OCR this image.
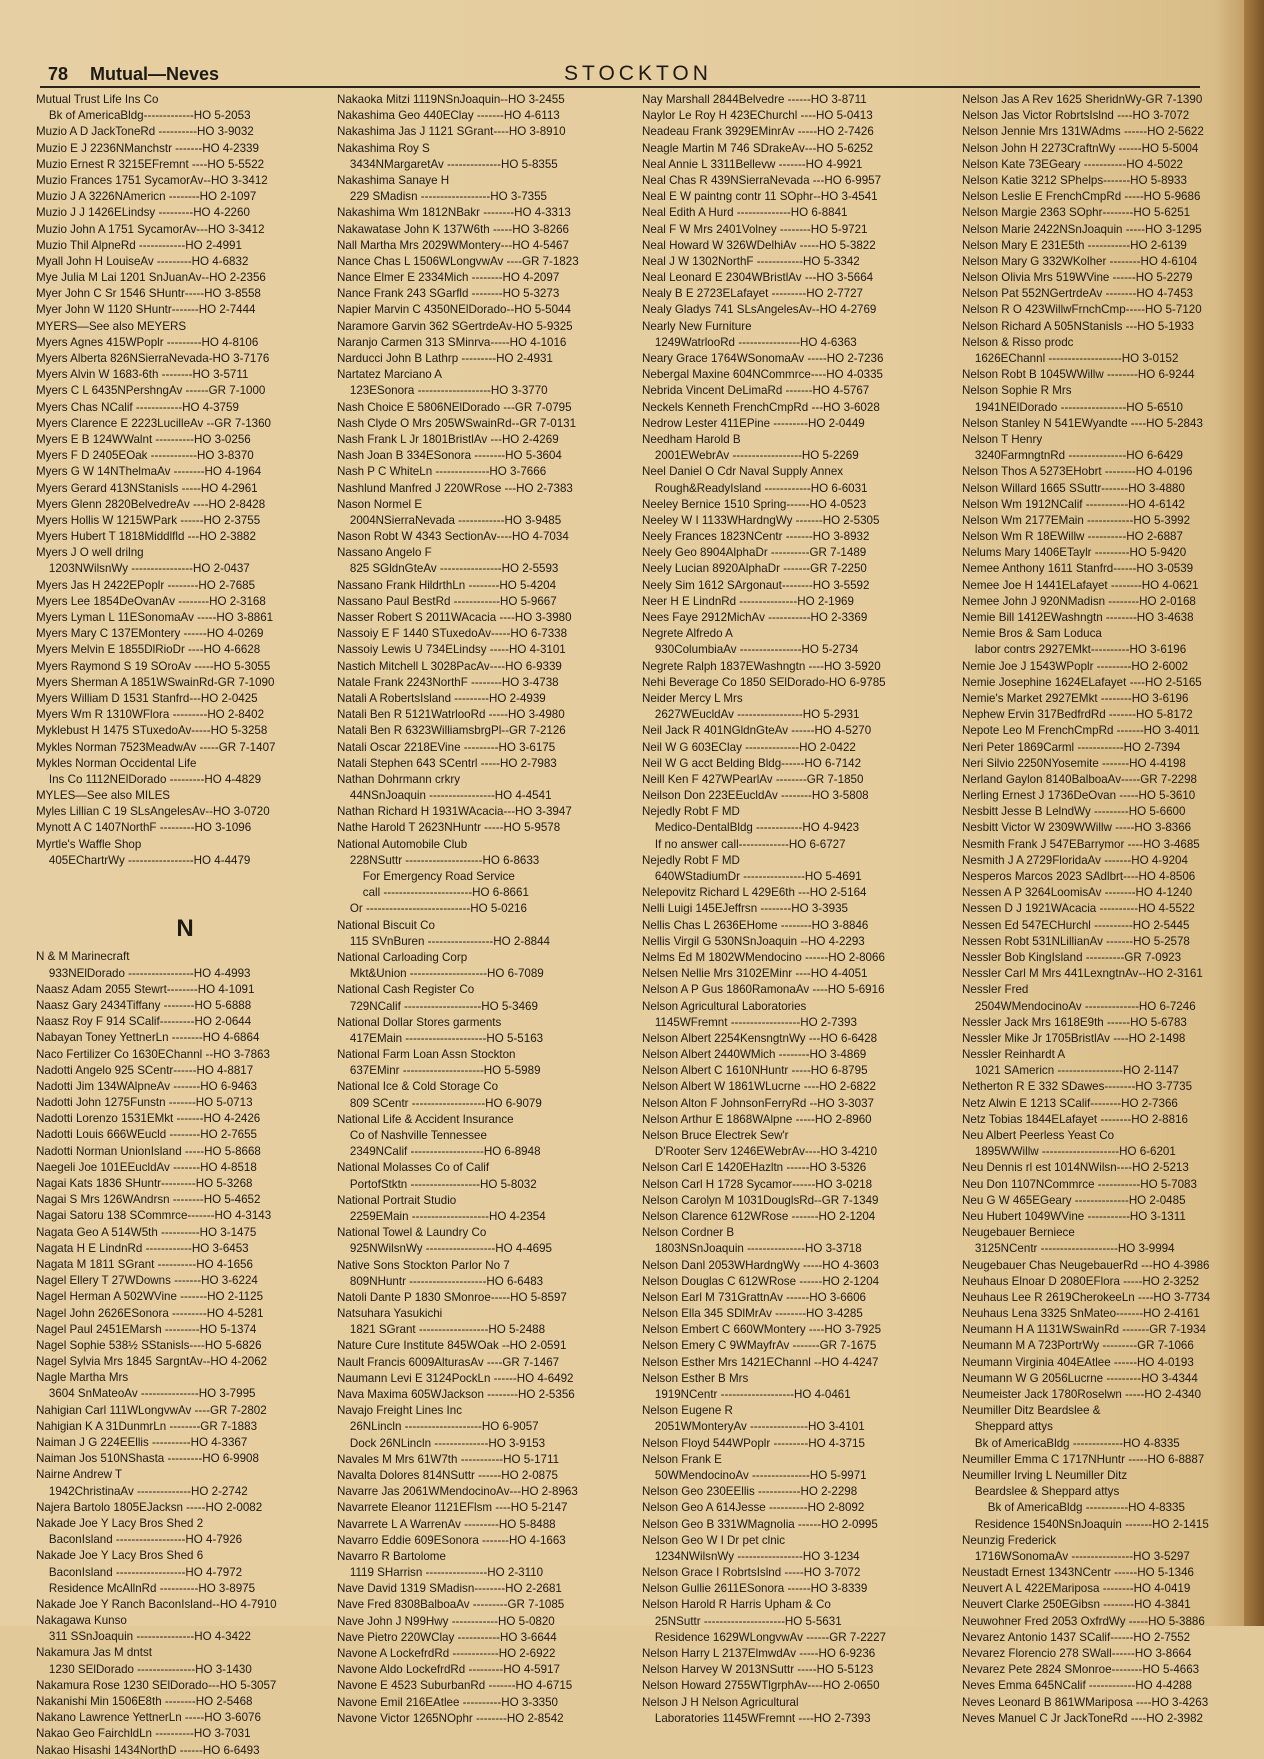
78 Mutual—Neves	STOCKTON
Mutual Trust Life Ins Co
Bk of AmericaBldg-------------HO 5-2053
Muzio A D JackToneRd ----------HO 3-9032
Muzio E J 2236NManchstr -------HO 4-2339
Muzio Ernest R 3215EFremnt ----HO 5-5522
Muzio Frances 1751 SycamorAv--HO 3-3412
Muzio J A 3226NAmericn --------HO 2-1097
Muzio J J 1426ELindsy ---------HO 4-2260
Muzio John A 1751 SycamorAv---HO 3-3412
Muzio Thil AlpneRd ------------HO 2-4991
Myall John H LouiseAv ---------HO 4-6832
Mye Julia M Lai 1201 SnJuanAv--HO 2-2356
Myer John C Sr 1546 SHuntr-----HO 3-8558
Myer John W 1120 SHuntr-------HO 2-7444
MYERS—See also MEYERS
Myers Agnes 415WPoplr ---------HO 4-8106
Myers Alberta 826NSierraNevada-HO 3-7176
Myers Alvin W 1683-6th --------HO 3-5711
Myers C L 6435NPershngAv ------GR 7-1000
Myers Chas NCalif ------------HO 4-3759
Myers Clarence E 2223LucilleAv --GR 7-1360
Myers E B 124WWalnt ----------HO 3-0256
Myers F D 2405EOak ------------HO 3-8370
Myers G W 14NThelmaAv --------HO 4-1964
Myers Gerard 413NStanisls -----HO 4-2961
Myers Glenn 2820BelvedreAv ----HO 2-8428
Myers Hollis W 1215WPark ------HO 2-3755
Myers Hubert T 1818Middlfld ---HO 2-3882
Myers J O well drilng
1203NWilsnWy ----------------HO 2-0437
Myers Jas H 2422EPoplr --------HO 2-7685
Myers Lee 1854DeOvanAv --------HO 2-3168
Myers Lyman L 11ESonomaAv -----HO 3-8861
Myers Mary C 137EMontery ------HO 4-0269
Myers Melvin E 1855DlRioDr ----HO 4-6628
Myers Raymond S 19 SOroAv -----HO 5-3055
Myers Sherman A 1851WSwainRd-GR 7-1090
Myers William D 1531 Stanfrd---HO 2-0425
Myers Wm R 1310WFlora ---------HO 2-8402
Myklebust H 1475 STuxedoAv-----HO 5-3258
Mykles Norman 7523MeadwAv -----GR 7-1407
Mykles Norman Occidental Life
Ins Co 1112NElDorado ---------HO 4-4829
MYLES—See also MILES
Myles Lillian C 19 SLsAngelesAv--HO 3-0720
Mynott A C 1407NorthF ---------HO 3-1096
Myrtle's Waffle Shop
405EChartrWy -----------------HO 4-4479
N
N & M Marinecraft
933NElDorado -----------------HO 4-4993
Naasz Adam 2055 Stewrt--------HO 4-1091
Naasz Gary 2434Tiffany --------HO 5-6888
Naasz Roy F 914 SCalif---------HO 2-0644
Nabayan Toney YettnerLn --------HO 4-6864
Naco Fertilizer Co 1630EChannl --HO 3-7863
Nadotti Angelo 925 SCentr------HO 4-8817
Nadotti Jim 134WAlpneAv -------HO 6-9463
Nadotti John 1275Funstn -------HO 5-0713
Nadotti Lorenzo 1531EMkt -------HO 4-2426
Nadotti Louis 666WEucld --------HO 2-7655
Nadotti Norman UnionIsland -----HO 5-8668
Naegeli Joe 101EEucldAv -------HO 4-8518
Nagai Kats 1836 SHuntr---------HO 5-3268
Nagai S Mrs 126WAndrsn --------HO 5-4652
Nagai Satoru 138 SCommrce-------HO 4-3143
Nagata Geo A 514W5th ----------HO 3-1475
Nagata H E LindnRd ------------HO 3-6453
Nagata M 1811 SGrant ----------HO 4-1656
Nagel Ellery T 27WDowns -------HO 3-6224
Nagel Herman A 502WVine -------HO 2-1125
Nagel John 2626ESonora ---------HO 4-5281
Nagel Paul 2451EMarsh ---------HO 5-1374
Nagel Sophie 538½ SStanisls----HO 5-6826
Nagel Sylvia Mrs 1845 SargntAv--HO 4-2062
Nagle Martha Mrs
3604 SnMateoAv ---------------HO 3-7995
Nahigian Carl 111WLongvwAv ----GR 7-2802
Nahigian K A 31DunmrLn --------GR 7-1883
Naiman J G 224EEllis ----------HO 4-3367
Naiman Jos 510NShasta ---------HO 6-9908
Nairne Andrew T
1942ChristinaAv --------------HO 2-2742
Najera Bartolo 1805EJacksn -----HO 2-0082
Nakade Joe Y Lacy Bros Shed 2
BaconIsland ------------------HO 4-7926
Nakade Joe Y Lacy Bros Shed 6
BaconIsland ------------------HO 4-7972
Residence McAllnRd ----------HO 3-8975
Nakade Joe Y Ranch BaconIsland--HO 4-7910
Nakagawa Kunso
311 SSnJoaquin ---------------HO 4-3422
Nakamura Jas M dntst
1230 SElDorado ---------------HO 3-1430
Nakamura Rose 1230 SElDorado---HO 5-3057
Nakanishi Min 1506E8th --------HO 2-5468
Nakano Lawrence YettnerLn -----HO 3-6076
Nakao Geo FairchldLn ----------HO 3-7031
Nakao Hisashi 1434NorthD ------HO 6-6493
Nakaoka Mitzi 1119NSnJoaquin--HO 3-2455
Nakashima Geo 440EClay -------HO 4-6113
Nakashima Jas J 1121 SGrant----HO 3-8910
Nakashima Roy S
3434NMargaretAv --------------HO 5-8355
Nakashima Sanaye H
229 SMadisn ------------------HO 3-7355
Nakashima Wm 1812NBakr --------HO 4-3313
Nakawatase John K 137W6th -----HO 3-8266
Nall Martha Mrs 2029WMontery---HO 4-5467
Nance Chas L 1506WLongvwAv ----GR 7-1823
Nance Elmer E 2334Mich --------HO 4-2097
Nance Frank 243 SGarfld --------HO 5-3273
Napier Marvin C 4350NElDorado--HO 5-5044
Naramore Garvin 362 SGertrdeAv-HO 5-9325
Naranjo Carmen 313 SMinrva-----HO 4-1016
Narducci John B Lathrp ---------HO 2-4931
Nartatez Marciano A
123ESonora -------------------HO 3-3770
Nash Choice E 5806NElDorado ---GR 7-0795
Nash Clyde O Mrs 205WSwainRd--GR 7-0131
Nash Frank L Jr 1801BristlAv ---HO 2-4269
Nash Joan B 334ESonora --------HO 5-3604
Nash P C WhiteLn --------------HO 3-7666
Nashlund Manfred J 220WRose ---HO 2-7383
Nason Normel E
2004NSierraNevada ------------HO 3-9485
Nason Robt W 4343 SectionAv----HO 4-7034
Nassano Angelo F
825 SGldnGteAv ----------------HO 2-5593
Nassano Frank HildrthLn --------HO 5-4204
Nassano Paul BestRd ------------HO 5-9667
Nasser Robert S 2011WAcacia ----HO 3-3980
Nassoiy E F 1440 STuxedoAv-----HO 6-7338
Nassoiy Lewis U 734ELindsy -----HO 4-3101
Nastich Mitchell L 3028PacAv----HO 6-9339
Natale Frank 2243NorthF --------HO 3-4738
Natali A RobertsIsland ---------HO 2-4939
Natali Ben R 5121WatrlooRd -----HO 3-4980
Natali Ben R 6323WilliamsbrgPl--GR 7-2126
Natali Oscar 2218EVine ---------HO 3-6175
Natali Stephen 643 SCentrl -----HO 2-7983
Nathan Dohrmann crkry
44NSnJoaquin -----------------HO 4-4541
Nathan Richard H 1931WAcacia---HO 3-3947
Nathe Harold T 2623NHuntr -----HO 5-9578
National Automobile Club
228NSuttr --------------------HO 6-8633
For Emergency Road Service
call -----------------------HO 6-8661
Or ---------------------------HO 5-0216
National Biscuit Co
115 SVnBuren -----------------HO 2-8844
National Carloading Corp
Mkt&Union --------------------HO 6-7089
National Cash Register Co
729NCalif --------------------HO 5-3469
National Dollar Stores garments
417EMain ---------------------HO 5-5163
National Farm Loan Assn Stockton
637EMinr ---------------------HO 5-5989
National Ice & Cold Storage Co
809 SCentr -------------------HO 6-9079
National Life & Accident Insurance
Co of Nashville Tennessee
2349NCalif -------------------HO 6-8948
National Molasses Co of Calif
PortofStktn ------------------HO 5-8032
National Portrait Studio
2259EMain --------------------HO 4-2354
National Towel & Laundry Co
925NWilsnWy ------------------HO 4-4695
Native Sons Stockton Parlor No 7
809NHuntr --------------------HO 6-6483
Natoli Dante P 1830 SMonroe-----HO 5-8597
Natsuhara Yasukichi
1821 SGrant ------------------HO 5-2488
Nature Cure Institute 845WOak --HO 2-0591
Nault Francis 6009AlturasAv ----GR 7-1467
Naumann Levi E 3124PockLn ------HO 4-6492
Nava Maxima 605WJackson --------HO 2-5356
Navajo Freight Lines Inc
26NLincln --------------------HO 6-9057
Dock 26NLincln --------------HO 3-9153
Navales M Mrs 61W7th -----------HO 5-1711
Navalta Dolores 814NSuttr ------HO 2-0875
Navarre Jas 2061WMendocinoAv---HO 2-8963
Navarrete Eleanor 1121EFlsm ----HO 5-2147
Navarrete L A WarrenAv ---------HO 5-8488
Navarro Eddie 609ESonora -------HO 4-1663
Navarro R Bartolome
1119 SHarrisn ----------------HO 2-3110
Nave David 1319 SMadisn--------HO 2-2681
Nave Fred 8308BalboaAv ---------GR 7-1085
Nave John J N99Hwy ------------HO 5-0820
Nave Pietro 220WClay -----------HO 3-6644
Navone A LockefrdRd ------------HO 2-6922
Navone Aldo LockefrdRd ---------HO 4-5917
Navone E 4523 SuburbanRd -------HO 4-6715
Navone Emil 216EAtlee ----------HO 3-3350
Navone Victor 1265NOphr --------HO 2-8542
Nay Marshall 2844Belvedre ------HO 3-8711
Naylor Le Roy H 423EChurchl ----HO 5-0413
Neadeau Frank 3929EMinrAv -----HO 2-7426
Neagle Martin M 746 SDrakeAv---HO 5-6252
Neal Annie L 3311Bellevw -------HO 4-9921
Neal Chas R 439NSierraNevada ---HO 6-9957
Neal E W paintng contr 11 SOphr--HO 3-4541
Neal Edith A Hurd --------------HO 6-8841
Neal F W Mrs 2401Volney --------HO 5-9721
Neal Howard W 326WDelhiAv -----HO 5-3822
Neal J W 1302NorthF ------------HO 5-3342
Neal Leonard E 2304WBristlAv ---HO 3-5664
Nealy B E 2723ELafayet ---------HO 2-7727
Nealy Gladys 741 SLsAngelesAv--HO 4-2769
Nearly New Furniture
1249WatrlooRd ----------------HO 4-6363
Neary Grace 1764WSonomaAv -----HO 2-7236
Nebergal Maxine 604NCommrce----HO 4-0335
Nebrida Vincent DeLimaRd -------HO 4-5767
Neckels Kenneth FrenchCmpRd ---HO 3-6028
Nedrow Lester 411EPine ---------HO 2-0449
Needham Harold B
2001EWebrAv ------------------HO 5-2269
Neel Daniel O Cdr Naval Supply Annex
Rough&ReadyIsland ------------HO 6-6031
Neeley Bernice 1510 Spring------HO 4-0523
Neeley W I 1133WHardngWy -------HO 2-5305
Neely Frances 1823NCentr -------HO 3-8932
Neely Geo 8904AlphaDr ----------GR 7-1489
Neely Lucian 8920AlphaDr -------GR 7-2250
Neely Sim 1612 SArgonaut--------HO 3-5592
Neer H E LindnRd ---------------HO 2-1969
Nees Faye 2912MichAv -----------HO 2-3369
Negrete Alfredo A
930ColumbiaAv ----------------HO 5-2734
Negrete Ralph 1837EWashngtn ----HO 3-5920
Nehi Beverage Co 1850 SElDorado-HO 6-9785
Neider Mercy L Mrs
2627WEucldAv -----------------HO 5-2931
Neil Jack R 401NGldnGteAv ------HO 4-5270
Neil W G 603EClay --------------HO 2-0422
Neil W G acct Belding Bldg------HO 6-7142
Neill Ken F 427WPearlAv --------GR 7-1850
Neilson Don 223EEucldAv --------HO 3-5808
Nejedly Robt F MD
Medico-DentalBldg ------------HO 4-9423
If no answer call-------------HO 6-6727
Nejedly Robt F MD
640WStadiumDr ----------------HO 5-4691
Nelepovitz Richard L 429E6th ---HO 2-5164
Nelli Luigi 145EJeffrsn --------HO 3-3935
Nellis Chas L 2636EHome --------HO 3-8846
Nellis Virgil G 530NSnJoaquin --HO 4-2293
Nelms Ed M 1802WMendocino ------HO 2-8066
Nelsen Nellie Mrs 3102EMinr ----HO 4-4051
Nelson A P Gus 1860RamonaAv ----HO 5-6916
Nelson Agricultural Laboratories
1145WFremnt ------------------HO 2-7393
Nelson Albert 2254KensngtnWy ---HO 6-6428
Nelson Albert 2440WMich --------HO 3-4869
Nelson Albert C 1610NHuntr -----HO 6-8795
Nelson Albert W 1861WLucrne ----HO 2-6822
Nelson Alton F JohnsonFerryRd --HO 3-3037
Nelson Arthur E 1868WAlpne -----HO 2-8960
Nelson Bruce Electrek Sew'r
D'Rooter Serv 1246EWebrAv----HO 3-4210
Nelson Carl E 1420EHazltn ------HO 3-5326
Nelson Carl H 1728 Sycamor------HO 3-0218
Nelson Carolyn M 1031DouglsRd--GR 7-1349
Nelson Clarence 612WRose -------HO 2-1204
Nelson Cordner B
1803NSnJoaquin ---------------HO 3-3718
Nelson Danl 2053WHardngWy -----HO 4-3603
Nelson Douglas C 612WRose ------HO 2-1204
Nelson Earl M 731GrattnAv ------HO 3-6606
Nelson Ella 345 SDlMrAv --------HO 3-4285
Nelson Embert C 660WMontery ----HO 3-7925
Nelson Emery C 9WMayfrAv -------GR 7-1675
Nelson Esther Mrs 1421EChannl --HO 4-4247
Nelson Esther B Mrs
1919NCentr -------------------HO 4-0461
Nelson Eugene R
2051WMonteryAv ---------------HO 3-4101
Nelson Floyd 544WPoplr ---------HO 4-3715
Nelson Frank E
50WMendocinoAv ---------------HO 5-9971
Nelson Geo 230EEllis -----------HO 2-2298
Nelson Geo A 614Jesse ----------HO 2-8092
Nelson Geo B 331WMagnolia ------HO 2-0995
Nelson Geo W I Dr pet clnic
1234NWilsnWy -----------------HO 3-1234
Nelson Grace I RobrtsIslnd -----HO 3-7072
Nelson Gullie 2611ESonora ------HO 3-8339
Nelson Harold R Harris Upham & Co
25NSuttr ---------------------HO 5-5631
Residence 1629WLongvwAv ------GR 7-2227
Nelson Harry L 2137ElmwdAv -----HO 6-9236
Nelson Harvey W 2013NSuttr -----HO 5-5123
Nelson Howard 2755WTlgrphAv----HO 2-0650
Nelson J H Nelson Agricultural
Laboratories 1145WFremnt ----HO 2-7393
Nelson Jas A Rev 1625 SheridnWy-GR 7-1390
Nelson Jas Victor RobrtsIslnd ----HO 3-7072
Nelson Jennie Mrs 131WAdms ------HO 2-5622
Nelson John H 2273CraftnWy ------HO 5-5004
Nelson Kate 73EGeary -----------HO 4-5022
Nelson Katie 3212 SPhelps-------HO 5-8933
Nelson Leslie E FrenchCmpRd -----HO 5-9686
Nelson Margie 2363 SOphr--------HO 5-6251
Nelson Marie 2422NSnJoaquin -----HO 3-1295
Nelson Mary E 231E5th -----------HO 2-6139
Nelson Mary G 332WKolher --------HO 4-6104
Nelson Olivia Mrs 519WVine ------HO 5-2279
Nelson Pat 552NGertrdeAv --------HO 4-7453
Nelson R O 423WillwFrnchCmp-----HO 5-7120
Nelson Richard A 505NStanisls ---HO 5-1933
Nelson & Risso prodc
1626EChannl -------------------HO 3-0152
Nelson Robt B 1045WWillw --------HO 6-9244
Nelson Sophie R Mrs
1941NElDorado -----------------HO 5-6510
Nelson Stanley N 541EWyandte ----HO 5-2843
Nelson T Henry
3240FarmngtnRd ---------------HO 6-6429
Nelson Thos A 5273EHobrt --------HO 4-0196
Nelson Willard 1665 SSuttr-------HO 3-4880
Nelson Wm 1912NCalif -----------HO 4-6142
Nelson Wm 2177EMain ------------HO 5-3992
Nelson Wm R 18EWillw ----------HO 2-6887
Nelums Mary 1406ETaylr ---------HO 5-9420
Nemee Anthony 1611 Stanfrd------HO 3-0539
Nemee Joe H 1441ELafayet --------HO 4-0621
Nemee John J 920NMadisn --------HO 2-0168
Nemie Bill 1412EWashngtn --------HO 3-4638
Nemie Bros & Sam Loduca
labor contrs 2927EMkt----------HO 3-6196
Nemie Joe J 1543WPoplr ---------HO 2-6002
Nemie Josephine 1624ELafayet ----HO 2-5165
Nemie's Market 2927EMkt --------HO 3-6196
Nephew Ervin 317BedfrdRd -------HO 5-8172
Nepote Leo M FrenchCmpRd -------HO 3-4011
Neri Peter 1869Carml ------------HO 2-7394
Neri Silvio 2250NYosemite -------HO 4-4198
Nerland Gaylon 8140BalboaAv-----GR 7-2298
Nerling Ernest J 1736DeOvan -----HO 5-3610
Nesbitt Jesse B LelndWy ---------HO 5-6600
Nesbitt Victor W 2309WWillw -----HO 3-8366
Nesmith Frank J 547EBarrymor ----HO 3-4685
Nesmith J A 2729FloridaAv -------HO 4-9204
Nesperos Marcos 2023 SAdlbrt----HO 4-8506
Nessen A P 3264LoomisAv --------HO 4-1240
Nessen D J 1921WAcacia ----------HO 4-5522
Nessen Ed 547ECHurchl ----------HO 2-5445
Nessen Robt 531NLillianAv -------HO 5-2578
Nessler Bob KingIsland ----------GR 7-0923
Nessler Carl M Mrs 441LexngtnAv--HO 2-3161
Nessler Fred
2504WMendocinoAv --------------HO 6-7246
Nessler Jack Mrs 1618E9th ------HO 5-6783
Nessler Mike Jr 1705BristlAv ----HO 2-1498
Nessler Reinhardt A
1021 SAmericn -----------------HO 2-1147
Netherton R E 332 SDawes--------HO 3-7735
Netz Alwin E 1213 SCalif--------HO 2-7366
Netz Tobias 1844ELafayet --------HO 2-8816
Neu Albert Peerless Yeast Co
1895WWillw --------------------HO 6-6201
Neu Dennis rl est 1014NWilsn----HO 2-5213
Neu Don 1107NCommrce -----------HO 5-7083
Neu G W 465EGeary --------------HO 2-0485
Neu Hubert 1049WVine -----------HO 3-1311
Neugebauer Berniece
3125NCentr --------------------HO 3-9994
Neugebauer Chas NeugebauerRd ---HO 4-3986
Neuhaus Elnoar D 2080EFlora -----HO 2-3252
Neuhaus Lee R 2619CherokeeLn ----HO 3-7734
Neuhaus Lena 3325 SnMateo-------HO 2-4161
Neumann H A 1131WSwainRd -------GR 7-1934
Neumann M A 723PortrWy ---------GR 7-1066
Neumann Virginia 404EAtlee ------HO 4-0193
Neumann W G 2056Lucrne ---------HO 3-4344
Neumeister Jack 1780Roselwn -----HO 2-4340
Neumiller Ditz Beardslee &
Sheppard attys
Bk of AmericaBldg -------------HO 4-8335
Neumiller Emma C 1717NHuntr -----HO 6-8887
Neumiller Irving L Neumiller Ditz
Beardslee & Sheppard attys
Bk of AmericaBldg -----------HO 4-8335
Residence 1540NSnJoaquin -------HO 2-1415
Neunzig Frederick
1716WSonomaAv ----------------HO 3-5297
Neustadt Ernest 1343NCentr ------HO 5-1346
Neuvert A L 422EMariposa --------HO 4-0419
Neuvert Clarke 250EGibsn --------HO 4-3841
Neuwohner Fred 2053 OxfrdWy -----HO 5-3886
Nevarez Antonio 1437 SCalif------HO 2-7552
Nevarez Florencio 278 SWall------HO 3-8664
Nevarez Pete 2824 SMonroe--------HO 5-4663
Neves Emma 645NCalif ------------HO 4-4288
Neves Leonard B 861WMariposa ----HO 3-4263
Neves Manuel C Jr JackToneRd ----HO 2-3982
